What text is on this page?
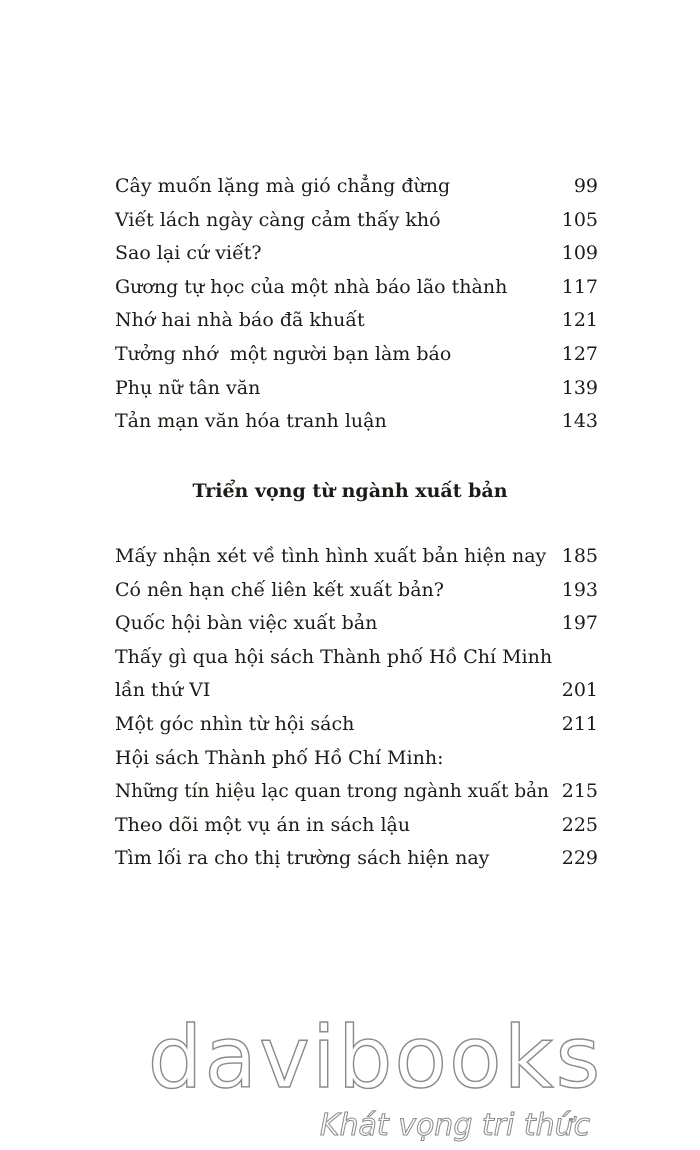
Cây muốn lặng mà gió chẳng đừng	99
Viết lách ngày càng cảm thấy khó	105
Sao lại cứ viết?	109
Gương tự học của một nhà báo lão thành	117
Nhớ hai nhà báo đã khuất	121
Tưởng nhớ  một người bạn làm báo	127
Phụ nữ tân văn	139
Tản mạn văn hóa tranh luận	143
Triển vọng từ ngành xuất bản
Mấy nhận xét về tình hình xuất bản hiện nay 185
Có nên hạn chế liên kết xuất bản?	193
Quốc hội bàn việc xuất bản	197
Thấy gì qua hội sách Thành phố Hồ Chí Minh
lần thứ VI	201
Một góc nhìn từ hội sách	211
Hội sách Thành phố Hồ Chí Minh:
Những tín hiệu lạc quan trong ngành xuất bản 215
Theo dõi một vụ án in sách lậu	225
Tìm lối ra cho thị trường sách hiện nay	229
davibooks
Khát vọng tri thức
